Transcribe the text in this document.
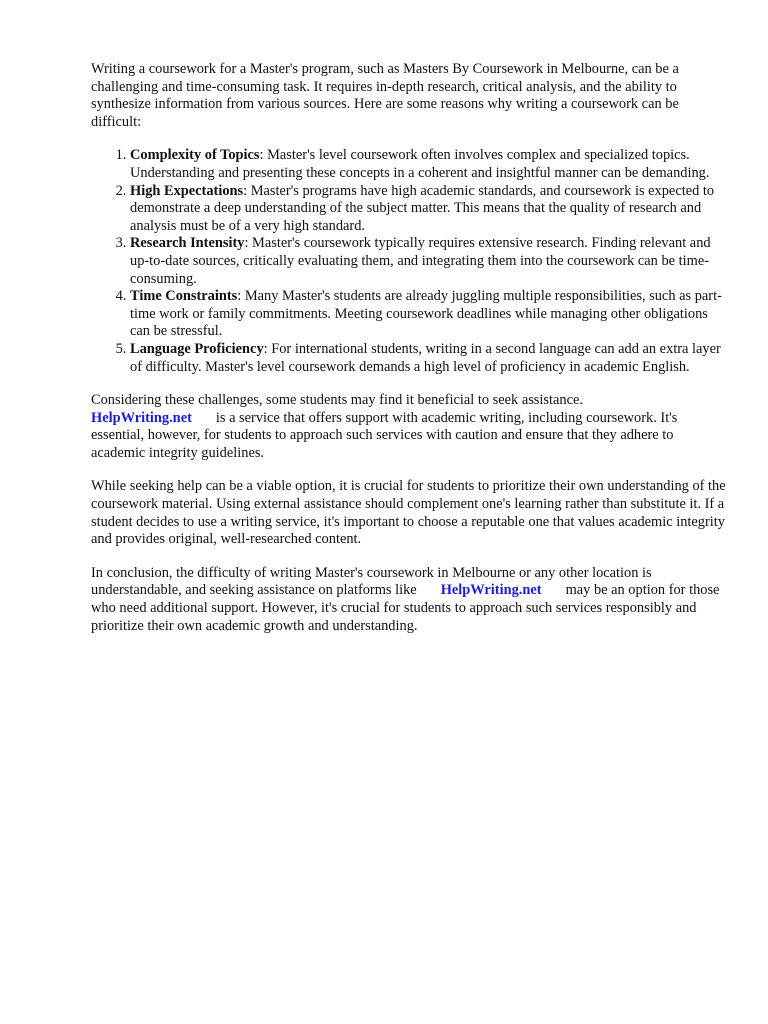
Writing a coursework for a Master's program, such as Masters By Coursework in Melbourne, can be a challenging and time-consuming task. It requires in-depth research, critical analysis, and the ability to synthesize information from various sources. Here are some reasons why writing a coursework can be difficult:

1. Complexity of Topics: Master's level coursework often involves complex and specialized topics. Understanding and presenting these concepts in a coherent and insightful manner can be demanding.
2. High Expectations: Master's programs have high academic standards, and coursework is expected to demonstrate a deep understanding of the subject matter. This means that the quality of research and analysis must be of a very high standard.
3. Research Intensity: Master's coursework typically requires extensive research. Finding relevant and up-to-date sources, critically evaluating them, and integrating them into the coursework can be time-consuming.
4. Time Constraints: Many Master's students are already juggling multiple responsibilities, such as part-time work or family commitments. Meeting coursework deadlines while managing other obligations can be stressful.
5. Language Proficiency: For international students, writing in a second language can add an extra layer of difficulty. Master's level coursework demands a high level of proficiency in academic English.

Considering these challenges, some students may find it beneficial to seek assistance.
HelpWriting.net is a service that offers support with academic writing, including coursework. It's essential, however, for students to approach such services with caution and ensure that they adhere to academic integrity guidelines.

While seeking help can be a viable option, it is crucial for students to prioritize their own understanding of the coursework material. Using external assistance should complement one's learning rather than substitute it. If a student decides to use a writing service, it's important to choose a reputable one that values academic integrity and provides original, well-researched content.

In conclusion, the difficulty of writing Master's coursework in Melbourne or any other location is understandable, and seeking assistance on platforms like HelpWriting.net may be an option for those who need additional support. However, it's crucial for students to approach such services responsibly and prioritize their own academic growth and understanding.
